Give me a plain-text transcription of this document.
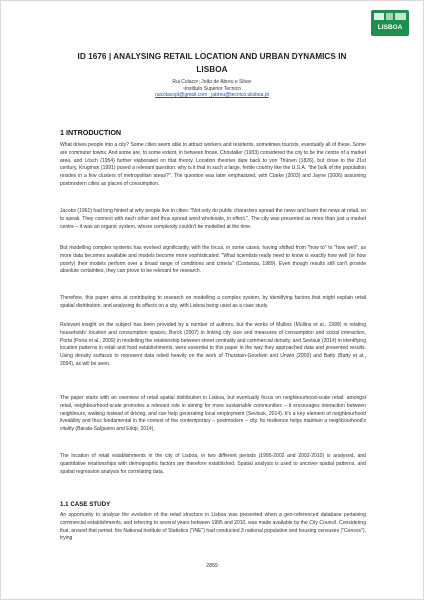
LISBOA
ID 1676 | ANALYSING RETAIL LOCATION AND URBAN DYNAMICS IN
LISBOA
Rui Colaco¹; João de Abreu e Silva¹
¹Instituto Superior Tecnico
ruicolacopt@gmail.com ; jabreu@tecnico.ulisboa.pt
1 INTRODUCTION

What drives people into a city? Some cities seem able to attract workers and residents, sometimes tourists, eventually all of these. Some are commuter towns. And some are, to some extent, in between those. Christaller (1933) considered the city to be the centre of a market area, and Lösch (1954) further elaborated on that theory. Location theories date back to von Thünen (1826), but close to the 21st century, Krugman (1991) posed a relevant question: why is it that in such a large, fertile country like the U.S.A. "the bulk of the population resides in a few clusters of metropolitan areas?". The question was later emphasized, with Clarke (2003) and Jayne (2006) assuming postmodern cities as places of consumption.

Jacobs (1961) had long hinted at why people live in cities: "Not only do public characters spread the news and learn the news at retail, so to speak. They connect with each other and thus spread word wholesale, in effect.". The city was presented as more than just a market centre – it was an organic system, whose complexity couldn't be modelled at the time.

But modelling complex systems has evolved significantly, with the focus, in some cases, having shifted from "how to" to "how well", as more data becomes available and models become more sophisticated. "What scientists really need to know is exactly how well (or how poorly) their models perform over a broad range of conditions and criteria" (Costanza, 1989). Even though results still can't provide absolute certainties, they can prove to be relevant for research.

Therefore, this paper aims at contributing to research on modelling a complex system, by identifying factors that might explain retail spatial distribution, and analysing its effects on a city, with Lisboa being used as a case study.

Relevant insight on the subject has been provided by a number of authors, but the works of Mullins (Mullins et al., 1999) in relating households' location and consumption spaces, Borck (2007) in linking city size and measures of consumption and social interaction, Porta (Porta et al., 2009) in modelling the relationship between street centrality and commercial density, and Sevtsuk (2014) in identifying location patterns in retail and food establishments, were essential to this paper in the way they approached data and presented results. Using density surfaces to represent data relied heavily on the work of Thurstain-Goodwin and Unwin (2000) and Batty (Batty et al., 2004), as will be seen.

The paper starts with an overview of retail spatial distribution in Lisboa, but eventually focus on neighbourhood-scale retail: amongst retail, neighbourhood-scale promotes a relevant role in aiming for more sustainable communities – it encourages interaction between neighbours, walking instead of driving, and can help generating local employment (Sevtsuk, 2014). It's a key element of neighbourhood liveability and thus fundamental in the context of the contemporary – postmodern – city. Its resilience helps maintain a neighbourhood's vitality (Barata-Salgueiro and Erkip, 2014).

The location of retail establishments in the city of Lisboa, in two different periods (1995-2002 and 2002-2010) is analysed, and quantitative relationships with demographic factors are therefore established. Spatial analysis is used to uncover spatial patterns, and spatial regression analysis for correlating data.

1.1 CASE STUDY

An opportunity to analyse the evolution of the retail structure in Lisboa was presented when a geo-referenced database pertaining commercial establishments, and referring to several years between 1995 and 2010, was made available by the City Council. Considering that, around that period, the National Institute of Statistics ("INE") had conducted 3 national population and housing censuses ("Censos"), trying

2859
